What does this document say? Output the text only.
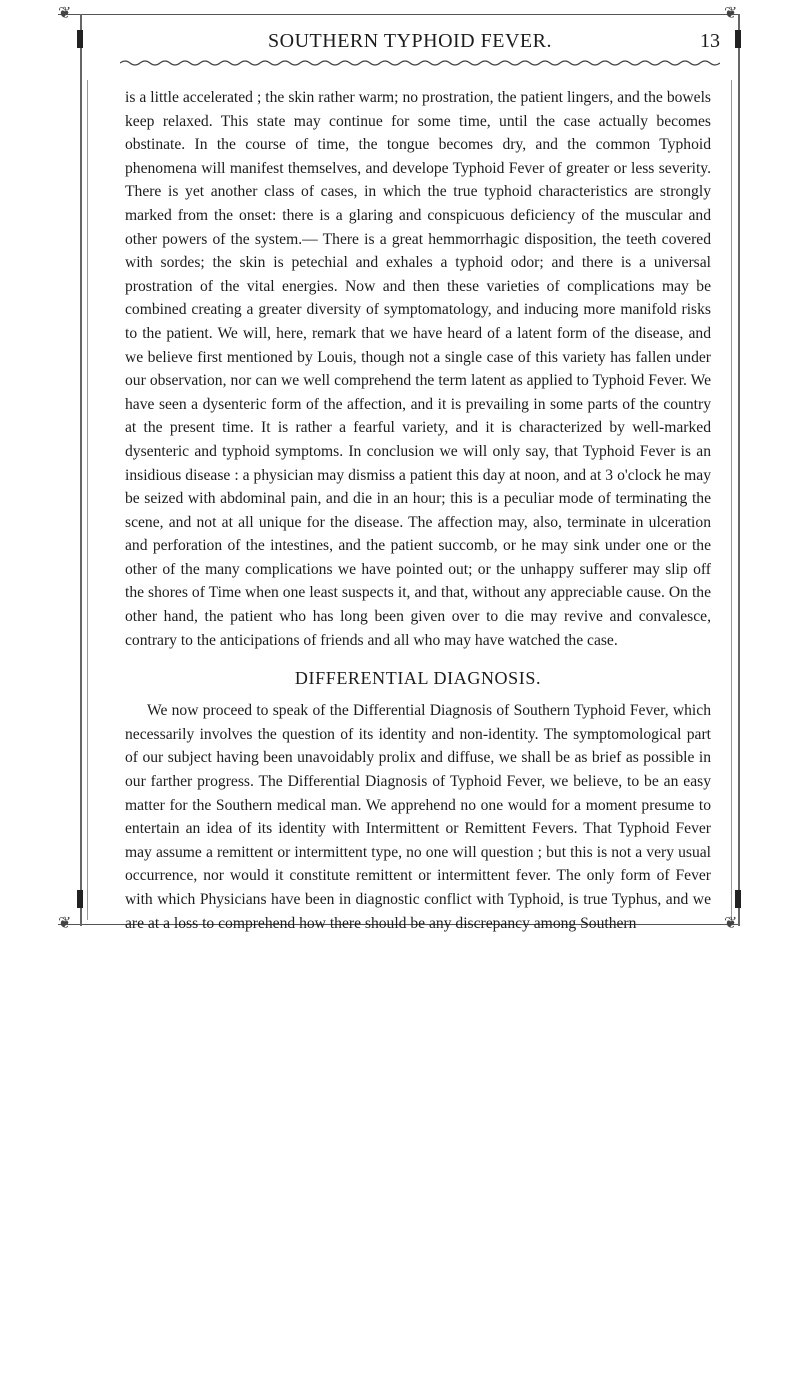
❦	❦
❦	❦
SOUTHERN TYPHOID FEVER.	13

is a little accelerated ; the skin rather warm; no prostration, the patient lingers, and the bowels keep relaxed. This state may continue for some time, until the case actually becomes obstinate. In the course of time, the tongue becomes dry, and the common Typhoid phenomena will manifest themselves, and develope Typhoid Fever of greater or less severity. There is yet another class of cases, in which the true typhoid characteristics are strongly marked from the onset: there is a glaring and conspicuous deficiency of the muscular and other powers of the system.— There is a great hemmorrhagic disposition, the teeth covered with sordes; the skin is petechial and exhales a typhoid odor; and there is a universal prostration of the vital energies. Now and then these varieties of complications may be combined creating a greater diversity of symptomatology, and inducing more manifold risks to the patient. We will, here, remark that we have heard of a latent form of the disease, and we believe first mentioned by Louis, though not a single case of this variety has fallen under our observation, nor can we well comprehend the term latent as applied to Typhoid Fever. We have seen a dysenteric form of the affection, and it is prevailing in some parts of the country at the present time. It is rather a fearful variety, and it is characterized by well-marked dysenteric and typhoid symptoms. In conclusion we will only say, that Typhoid Fever is an insidious disease : a physician may dismiss a patient this day at noon, and at 3 o'clock he may be seized with abdominal pain, and die in an hour; this is a peculiar mode of terminating the scene, and not at all unique for the disease. The affection may, also, terminate in ulceration and perforation of the intestines, and the patient succomb, or he may sink under one or the other of the many complications we have pointed out; or the unhappy sufferer may slip off the shores of Time when one least suspects it, and that, without any appreciable cause. On the other hand, the patient who has long been given over to die may revive and convalesce, contrary to the anticipations of friends and all who may have watched the case.

DIFFERENTIAL DIAGNOSIS.

We now proceed to speak of the Differential Diagnosis of Southern Typhoid Fever, which necessarily involves the question of its identity and non-identity. The symptomological part of our subject having been unavoidably prolix and diffuse, we shall be as brief as possible in our farther progress. The Differential Diagnosis of Typhoid Fever, we believe, to be an easy matter for the Southern medical man. We apprehend no one would for a moment presume to entertain an idea of its identity with Intermittent or Remittent Fevers. That Typhoid Fever may assume a remittent or intermittent type, no one will question ; but this is not a very usual occurrence, nor would it constitute remittent or intermittent fever. The only form of Fever with which Physicians have been in diagnostic conflict with Typhoid, is true Typhus, and we are at a loss to comprehend how there should be any discrepancy among Southern
